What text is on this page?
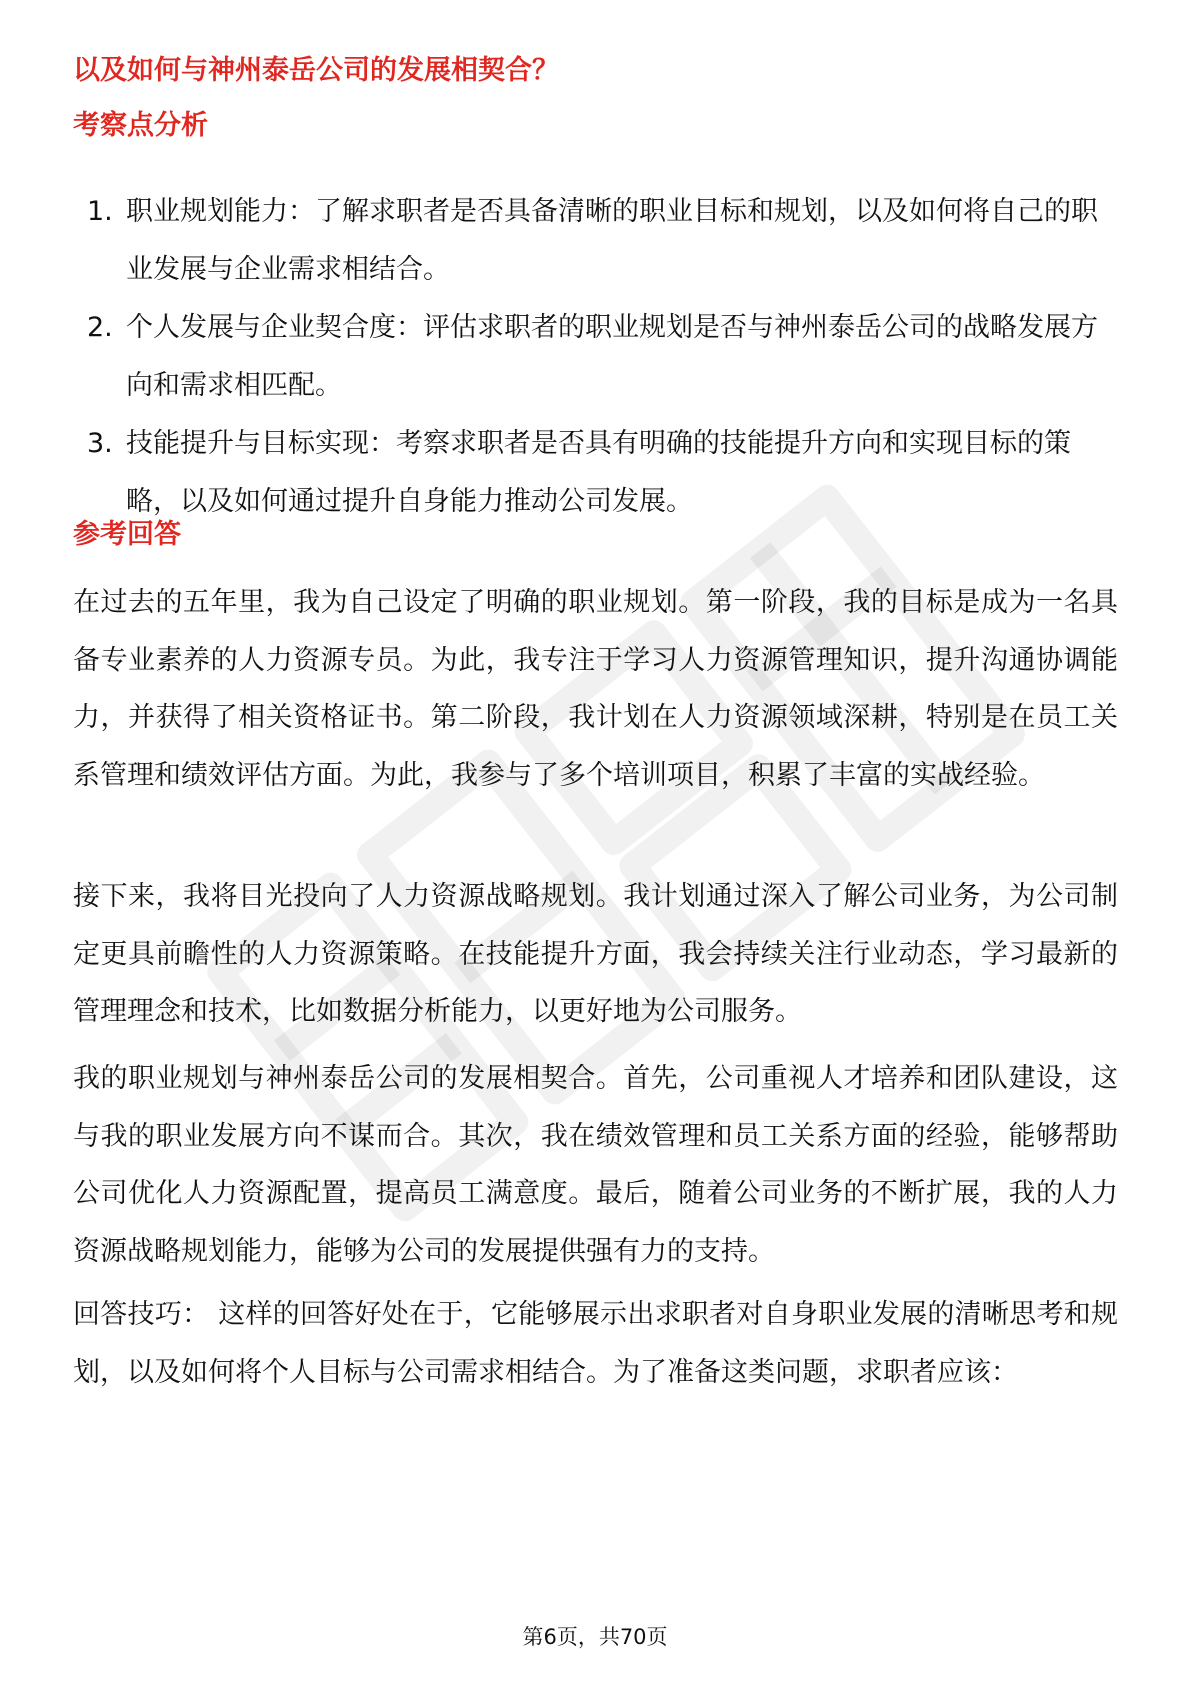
以及如何与神州泰岳公司的发展相契合？
考察点分析
1. 职业规划能力：了解求职者是否具备清晰的职业目标和规划，以及如何将自己的职业发展与企业需求相结合。
2. 个人发展与企业契合度：评估求职者的职业规划是否与神州泰岳公司的战略发展方向和需求相匹配。
3. 技能提升与目标实现：考察求职者是否具有明确的技能提升方向和实现目标的策略，以及如何通过提升自身能力推动公司发展。
参考回答

在过去的五年里，我为自己设定了明确的职业规划。第一阶段，我的目标是成为一名具备专业素养的人力资源专员。为此，我专注于学习人力资源管理知识，提升沟通协调能力，并获得了相关资格证书。第二阶段，我计划在人力资源领域深耕，特别是在员工关系管理和绩效评估方面。为此，我参与了多个培训项目，积累了丰富的实战经验。

接下来，我将目光投向了人力资源战略规划。我计划通过深入了解公司业务，为公司制定更具前瞻性的人力资源策略。在技能提升方面，我会持续关注行业动态，学习最新的管理理念和技术，比如数据分析能力，以更好地为公司服务。

我的职业规划与神州泰岳公司的发展相契合。首先，公司重视人才培养和团队建设，这与我的职业发展方向不谋而合。其次，我在绩效管理和员工关系方面的经验，能够帮助公司优化人力资源配置，提高员工满意度。最后，随着公司业务的不断扩展，我的人力资源战略规划能力，能够为公司的发展提供强有力的支持。

回答技巧： 这样的回答好处在于，它能够展示出求职者对自身职业发展的清晰思考和规划，以及如何将个人目标与公司需求相结合。为了准备这类问题，求职者应该：

第6页，共70页
